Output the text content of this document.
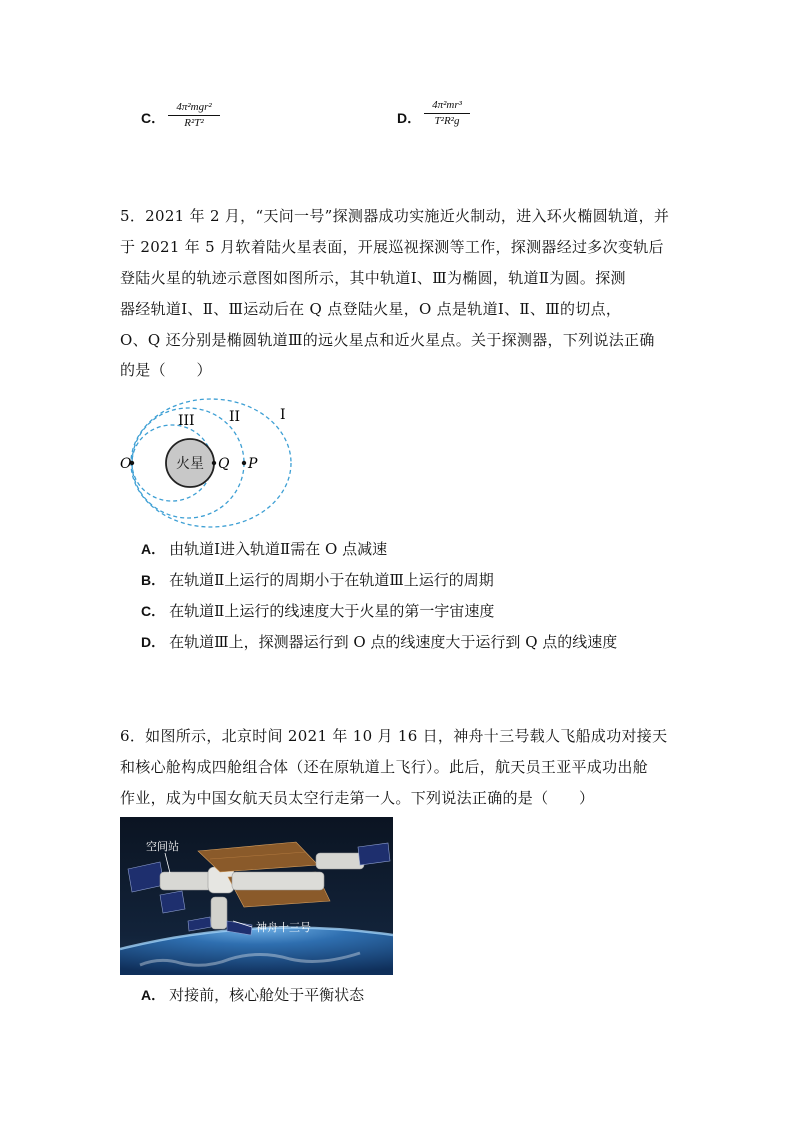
C．
4π²mgr²
R²T²	D．
4π²mr³
T²R²g
5．2021 年 2 月，“天问一号”探测器成功实施近火制动，进入环火椭圆轨道，并
于 2021 年 5 月软着陆火星表面，开展巡视探测等工作，探测器经过多次变轨后
登陆火星的轨迹示意图如图所示，其中轨道Ⅰ、Ⅲ为椭圆，轨道Ⅱ为圆。探测
器经轨道Ⅰ、Ⅱ、Ⅲ运动后在 Q 点登陆火星，O 点是轨道Ⅰ、Ⅱ、Ⅲ的切点，
O、Q 还分别是椭圆轨道Ⅲ的远火星点和近火星点。关于探测器，下列说法正确
的是（　　）
火星
O	Q P
III II	I
A． 由轨道Ⅰ进入轨道Ⅱ需在 O 点减速
B． 在轨道Ⅱ上运行的周期小于在轨道Ⅲ上运行的周期
C． 在轨道Ⅱ上运行的线速度大于火星的第一宇宙速度
D． 在轨道Ⅲ上，探测器运行到 O 点的线速度大于运行到 Q 点的线速度
6．如图所示，北京时间 2021 年 10 月 16 日，神舟十三号载人飞船成功对接天
和核心舱构成四舱组合体（还在原轨道上飞行）。此后，航天员王亚平成功出舱
作业，成为中国女航天员太空行走第一人。下列说法正确的是（　　）
空间站
神舟十三号
A． 对接前，核心舱处于平衡状态
